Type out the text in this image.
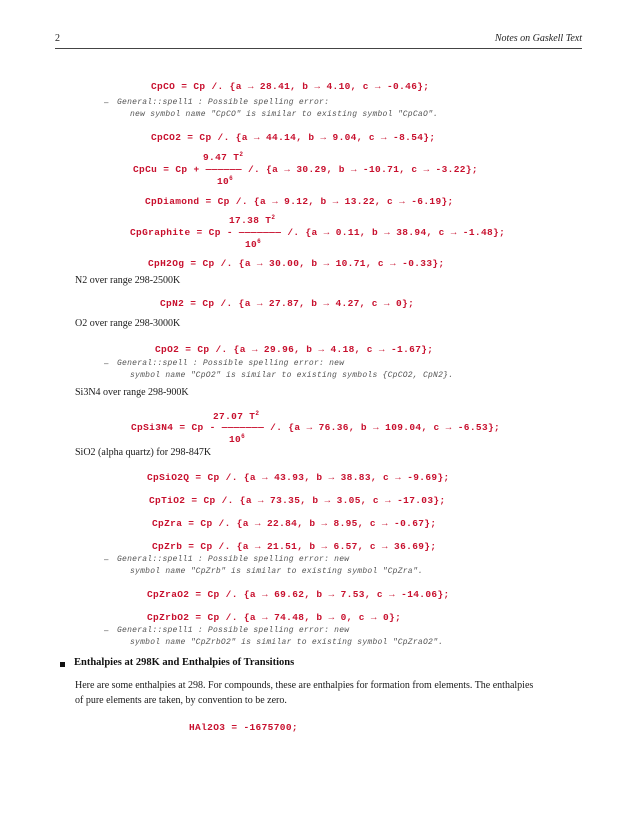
2	Notes on Gaskell Text
CpCO = Cp /. {a → 28.41, b → 4.10, c → -0.46};
– General::spell1 : Possible spelling error:
new symbol name "CpCO" is similar to existing symbol "CpCaO".
CpCO2 = Cp /. {a → 44.14, b → 9.04, c → -8.54};
9.47 $T^2$
CpCu = Cp + —————— /. {a → 30.29, b → -10.71, c → -3.22};
$10^6$
CpDiamond = Cp /. {a → 9.12, b → 13.22, c → -6.19};
17.38 $T^2$
CpGraphite = Cp - ——————— /. {a → 0.11, b → 38.94, c → -1.48};
$10^6$
CpH2Og = Cp /. {a → 30.00, b → 10.71, c → -0.33};
N2 over range 298-2500K
CpN2 = Cp /. {a → 27.87, b → 4.27, c → 0};
O2 over range 298-3000K
CpO2 = Cp /. {a → 29.96, b → 4.18, c → -1.67};
– General::spell : Possible spelling error: new
symbol name "CpO2" is similar to existing symbols {CpCO2, CpN2}.
Si3N4 over range 298-900K
27.07 $T^2$
CpSi3N4 = Cp - ——————— /. {a → 76.36, b → 109.04, c → -6.53};
$10^6$
SiO2 (alpha quartz) for 298-847K
CpSiO2Q = Cp /. {a → 43.93, b → 38.83, c → -9.69};
CpTiO2 = Cp /. {a → 73.35, b → 3.05, c → -17.03};
CpZra = Cp /. {a → 22.84, b → 8.95, c → -0.67};
CpZrb = Cp /. {a → 21.51, b → 6.57, c → 36.69};
– General::spell1 : Possible spelling error: new
symbol name "CpZrb" is similar to existing symbol "CpZra".
CpZraO2 = Cp /. {a → 69.62, b → 7.53, c → -14.06};
CpZrbO2 = Cp /. {a → 74.48, b → 0, c → 0};
– General::spell1 : Possible spelling error: new
symbol name "CpZrbO2" is similar to existing symbol "CpZraO2".
Enthalpies at 298K and Enthalpies of Transitions
Here are some enthalpies at 298. For compounds, these are enthalpies for formation from elements. The enthalpies
of pure elements are taken, by convention to be zero.
HAl2O3 = -1675700;
